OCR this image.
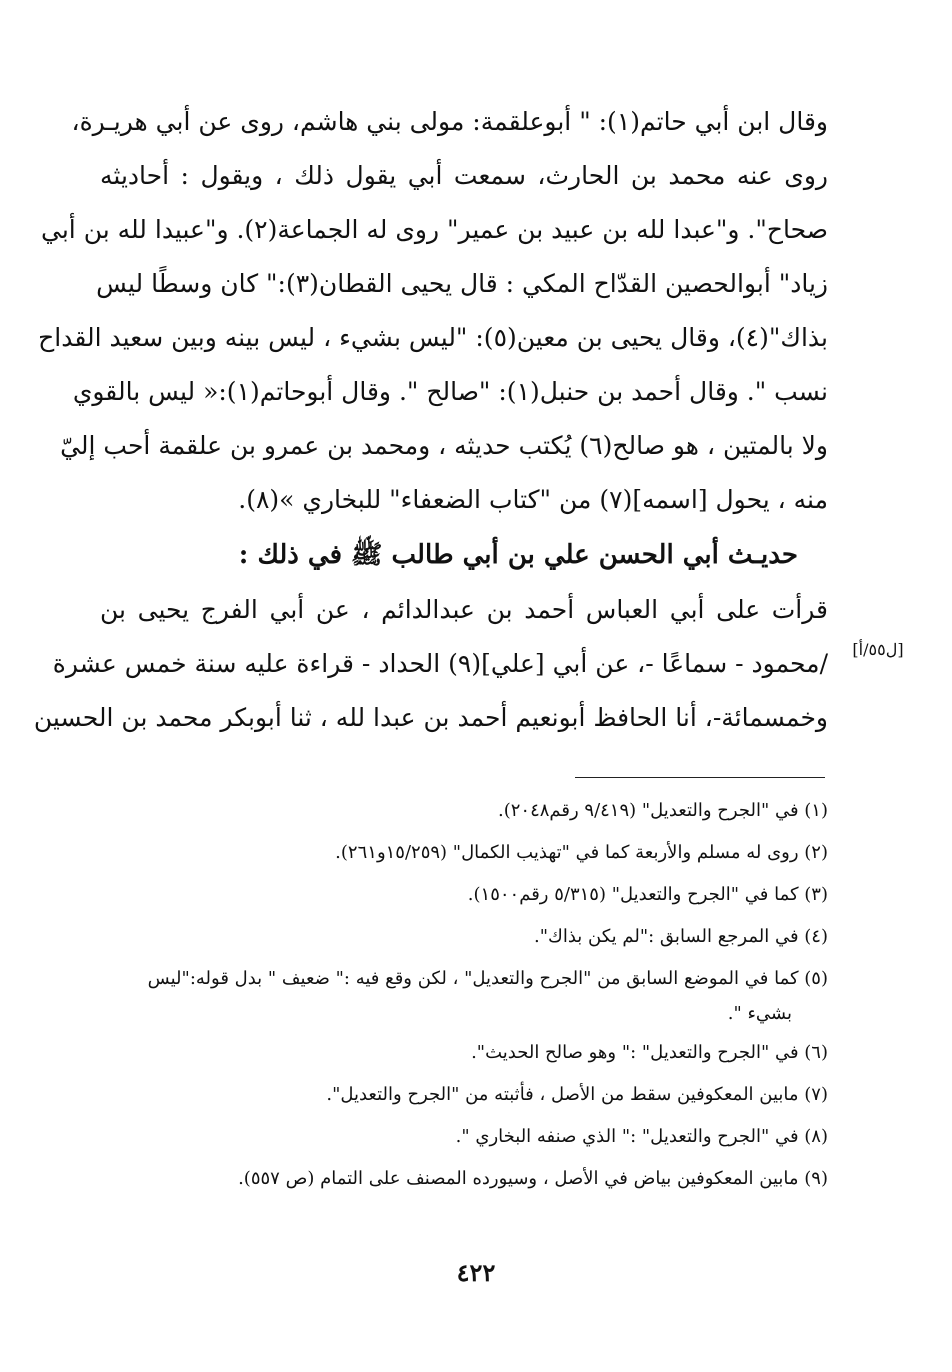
وقال ابن أبي حاتم(١): " أبوعلقمة: مولى بني هاشم، روى عن أبي هريـرة،
روى عنه محمد بن الحارث، سمعت أبي يقول ذلك ، ويقول : أحاديثه
صحاح". و"عبدا لله بن عبيد بن عمير" روى له الجماعة(٢). و"عبيدا لله بن أبي
زياد" أبوالحصين القدّاح المكي : قال يحيى القطان(٣):" كان وسطًا ليس
بذاك"(٤)، وقال يحيى بن معين(٥): "ليس بشيء ، ليس بينه وبين سعيد القداح
نسب ". وقال أحمد بن حنبل(١): "صالح ". وقال أبوحاتم(١):« ليس بالقوي
ولا بالمتين ، هو صالح(٦) يُكتب حديثه ، ومحمد بن عمرو بن علقمة أحب إليّ
منه ، يحول [اسمه](٧) من "كتاب الضعفاء" للبخاري »(٨).
حديـث أبي الحسن علي بن أبي طالب ﷺ في ذلك :
قرأت على أبي العباس أحمد بن عبدالدائم ، عن أبي الفرج يحيى بن
/محمود - سماعًا -، عن أبي [علي](٩) الحداد - قراءة عليه سنة خمس عشرة
وخمسمائة-، أنا الحافظ أبونعيم أحمد بن عبدا لله ، ثنا أبوبكر محمد بن الحسين
[ل٥٥/أ]
(١) في "الجرح والتعديل" (٩/٤١٩ رقم٢٠٤٨).
(٢) روى له مسلم والأربعة كما في "تهذيب الكمال" (١٥/٢٥٩و٢٦١).
(٣) كما في "الجرح والتعديل" (٥/٣١٥ رقم١٥٠٠).
(٤) في المرجع السابق :"لم يكن بذاك".
(٥) كما في الموضع السابق من "الجرح والتعديل" ، لكن وقع فيه :" ضعيف " بدل قوله:"ليس
بشيء ".
(٦) في "الجرح والتعديل" :" وهو صالح الحديث".
(٧) مابين المعكوفين سقط من الأصل ، فأثبته من "الجرح والتعديل".
(٨) في "الجرح والتعديل" :" الذي صنفه البخاري ".
(٩) مابين المعكوفين بياض في الأصل ، وسيورده المصنف على التمام (ص ٥٥٧).
٤٢٢
